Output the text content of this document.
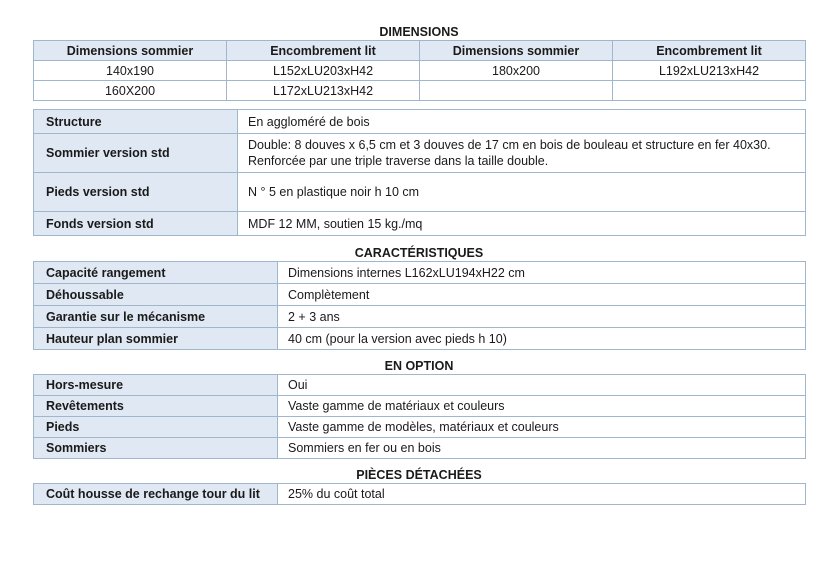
DIMENSIONS
Dimensions sommier	Encombrement lit	Dimensions sommier	Encombrement lit
140x190	L152xLU203xH42	180x200	L192xLU213xH42
160X200	L172xLU213xH42		
Structure	En aggloméré de bois
Sommier version std	Double: 8 douves x 6,5 cm et 3 douves de 17 cm en bois de bouleau et structure en fer 40x30. Renforcée par une triple traverse dans la taille double.
Pieds version std	N ° 5 en plastique noir h 10 cm
Fonds version std	MDF 12 MM, soutien 15 kg./mq
CARACTÉRISTIQUES
Capacité rangement	Dimensions internes L162xLU194xH22 cm
Déhoussable	Complètement
Garantie sur le mécanisme	2 + 3 ans
Hauteur plan sommier	40 cm (pour la version avec pieds h 10)
EN OPTION
Hors-mesure	Oui
Revêtements	Vaste gamme de matériaux et couleurs
Pieds	Vaste gamme de modèles, matériaux et couleurs
Sommiers	Sommiers en fer ou en bois
PIÈCES DÉTACHÉES
Coût housse de rechange tour du lit	25% du coût total
